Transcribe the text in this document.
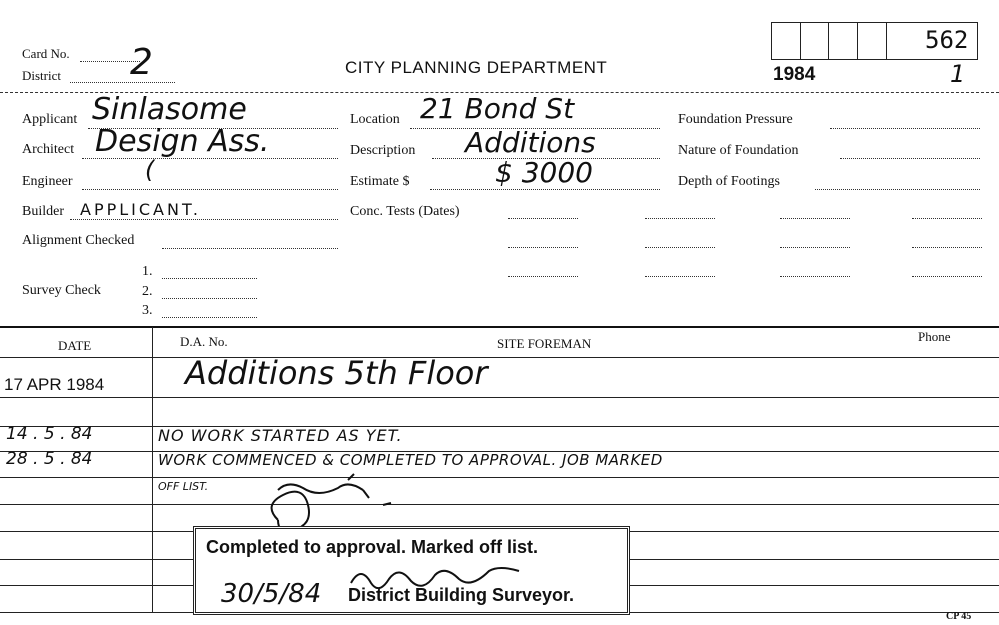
562
Card No.
District 2	CITY PLANNING DEPARTMENT	1984	1
Applicant Sinlasome
Architect Design Ass.
Engineer	(
Builder APPLICANT.
Alignment Checked
Survey Check
1.
2.
3.
Location 21 Bond St
Description Additions
Estimate $	$ 3000
Conc. Tests (Dates)
Foundation Pressure
Nature of Foundation
Depth of Footings
DATE	D.A. No.	SITE FOREMAN	Phone
17 APR 1984	Additions 5th Floor
14 . 5 . 84	NO WORK STARTED AS YET.
28 . 5 . 84	WORK COMMENCED & COMPLETED TO APPROVAL. JOB MARKED
OFF LIST.
Completed to approval. Marked off list.
30/5/84 District Building Surveyor.
CP 45
